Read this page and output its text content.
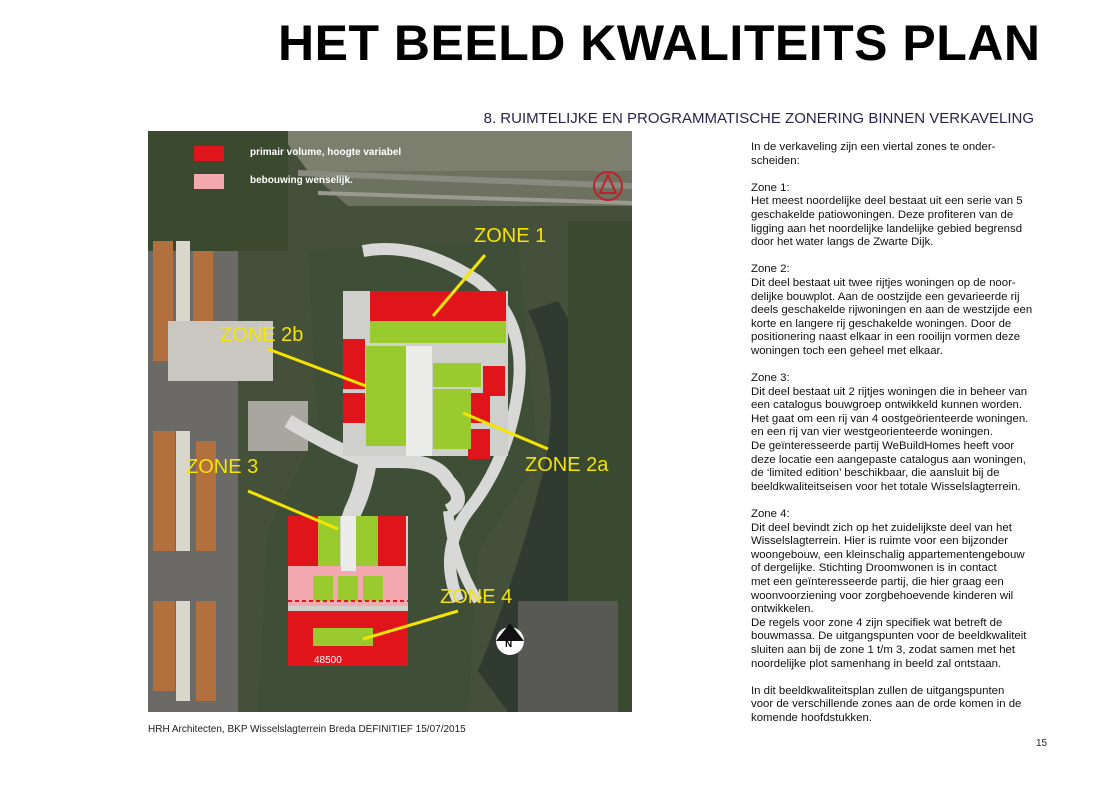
HET BEELD KWALITEITS PLAN
8. RUIMTELIJKE EN PROGRAMMATISCHE ZONERING BINNEN VERKAVELING
primair volume, hoogte variabel
bebouwing wenselijk.
ZONE 1
ZONE 2b
ZONE 2a
ZONE 3
ZONE 4
N
48500
HRH Architecten, BKP Wisselslagterrein Breda DEFINITIEF 15/07/2015

In de verkaveling zijn een viertal zones te onder-
scheiden:

Zone 1:
Het meest noordelijke deel bestaat uit een serie van 5
geschakelde patiowoningen. Deze profiteren van de
ligging aan het noordelijke landelijke gebied begrensd
door het water langs de Zwarte Dijk.

Zone 2:
Dit deel bestaat uit twee rijtjes woningen op de noor-
delijke bouwplot. Aan de oostzijde een gevarieerde rij
deels geschakelde rijwoningen en aan de westzijde een
korte en langere rij geschakelde woningen. Door de
positionering naast elkaar in een rooilijn vormen deze
woningen toch een geheel met elkaar.

Zone 3:
Dit deel bestaat uit 2 rijtjes woningen die in beheer van
een catalogus bouwgroep ontwikkeld kunnen worden.
Het gaat om een rij van 4 oostgeörienteerde woningen.
en een rij van vier westgeorienteerde woningen.
De geïnteresseerde partij WeBuildHomes heeft voor
deze locatie een aangepaste catalogus aan woningen,
de ‘limited edition’ beschikbaar, die aansluit bij de
beeldkwaliteitseisen voor het totale Wisselslagterrein.

Zone 4:
Dit deel bevindt zich op het zuidelijkste deel van het
Wisselslagterrein. Hier is ruimte voor een bijzonder
woongebouw, een kleinschalig appartementengebouw
of dergelijke. Stichting Droomwonen is in contact
met een geïnteresseerde partij, die hier graag een
woonvoorziening voor zorgbehoevende kinderen wil
ontwikkelen.
De regels voor zone 4 zijn specifiek wat betreft de
bouwmassa. De uitgangspunten voor de beeldkwaliteit
sluiten aan bij de zone 1 t/m 3, zodat samen met het
noordelijke plot samenhang in beeld zal ontstaan.

In dit beeldkwaliteitsplan zullen de uitgangspunten
voor de verschillende zones aan de orde komen in de
komende hoofdstukken.

15
